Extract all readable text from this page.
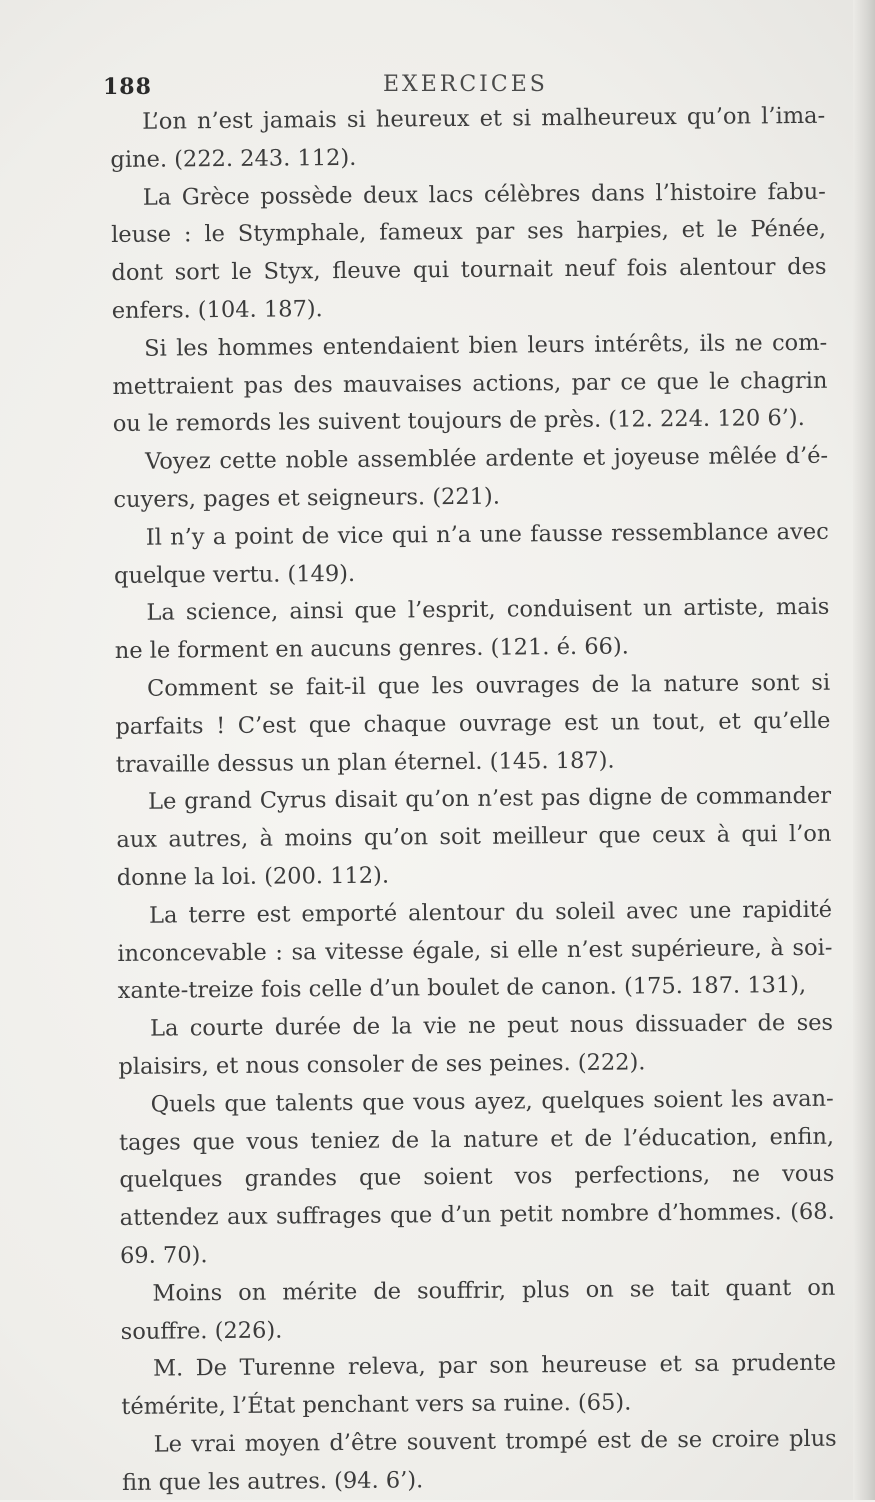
188	EXERCICES

L’on n’est jamais si heureux et si malheureux qu’on l’imagine. (222. 243. 112).

La Grèce possède deux lacs célèbres dans l’histoire fabuleuse : le Stymphale, fameux par ses harpies, et le Pénée, dont sort le Styx, fleuve qui tournait neuf fois alentour des enfers. (104. 187).

Si les hommes entendaient bien leurs intérêts, ils ne commettraient pas des mauvaises actions, par ce que le chagrin ou le remords les suivent toujours de près. (12. 224. 120 6’).

Voyez cette noble assemblée ardente et joyeuse mêlée d’écuyers, pages et seigneurs. (221).

Il n’y a point de vice qui n’a une fausse ressemblance avec quelque vertu. (149).

La science, ainsi que l’esprit, conduisent un artiste, mais ne le forment en aucuns genres. (121. é. 66).

Comment se fait-il que les ouvrages de la nature sont si parfaits ! C’est que chaque ouvrage est un tout, et qu’elle travaille dessus un plan éternel. (145. 187).

Le grand Cyrus disait qu’on n’est pas digne de commander aux autres, à moins qu’on soit meilleur que ceux à qui l’on donne la loi. (200. 112).

La terre est emporté alentour du soleil avec une rapidité inconcevable : sa vitesse égale, si elle n’est supérieure, à soixante-treize fois celle d’un boulet de canon. (175. 187. 131),

La courte durée de la vie ne peut nous dissuader de ses plaisirs, et nous consoler de ses peines. (222).

Quels que talents que vous ayez, quelques soient les avantages que vous teniez de la nature et de l’éducation, enfin, quelques grandes que soient vos perfections, ne vous attendez aux suffrages que d’un petit nombre d’hommes. (68. 69. 70).

Moins on mérite de souffrir, plus on se tait quant on souffre. (226).

M. De Turenne releva, par son heureuse et sa prudente témérite, l’État penchant vers sa ruine. (65).

Le vrai moyen d’être souvent trompé est de se croire plus fin que les autres. (94. 6’).
